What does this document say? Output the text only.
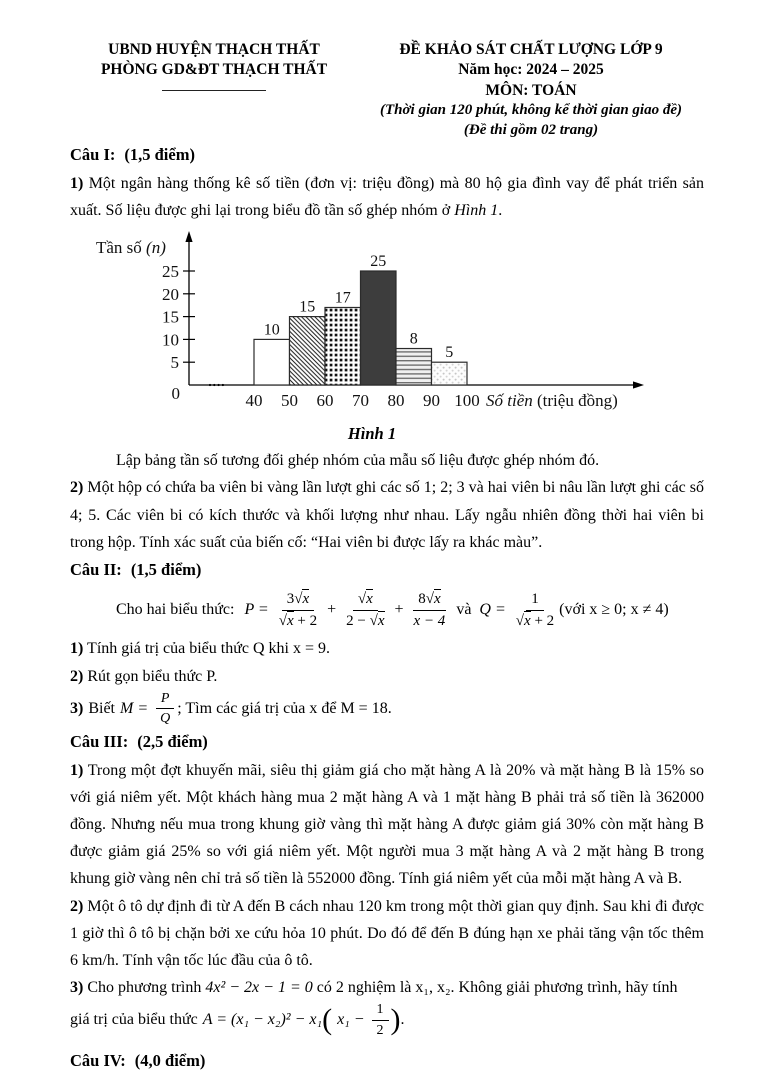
UBND HUYỆN THẠCH THẤT
PHÒNG GD&ĐT THẠCH THẤT
ĐỀ KHẢO SÁT CHẤT LƯỢNG LỚP 9
Năm học: 2024 – 2025
MÔN: TOÁN
(Thời gian 120 phút, không kể thời gian giao đề)
(Đề thi gồm 02 trang)

Câu I: (1,5 điểm)

1) Một ngân hàng thống kê số tiền (đơn vị: triệu đồng) mà 80 hộ gia đình vay để phát triển sản xuất. Số liệu được ghi lại trong biểu đồ tần số ghép nhóm ở Hình 1.

0
5
10
15
20
25
40 50 60 70 80 90 100
10
15
17
25
8
5
Tần số (n)
Số tiền (triệu đồng)
Hình 1

Lập bảng tần số tương đối ghép nhóm của mẫu số liệu được ghép nhóm đó.

2) Một hộp có chứa ba viên bi vàng lần lượt ghi các số 1; 2; 3 và hai viên bi nâu lần lượt ghi các số 4; 5. Các viên bi có kích thước và khối lượng như nhau. Lấy ngẫu nhiên đồng thời hai viên bi trong hộp. Tính xác suất của biến cố: “Hai viên bi được lấy ra khác màu”.

Câu II: (1,5 điểm)

Cho hai biểu thức: $P = \frac{3√x}{√x + 2} + \frac{√x}{2 - √x} + \frac{8√x}{x - 4}$ và $Q = \frac{1}{√x + 2}$ (với x ≥ 0; x ≠ 4)

1) Tính giá trị của biểu thức Q khi x = 9.

2) Rút gọn biểu thức P.

3) Biết $M = \frac{P}{Q}$ ; Tìm các giá trị của x để M = 18.

Câu III: (2,5 điểm)

1) Trong một đợt khuyến mãi, siêu thị giảm giá cho mặt hàng A là 20% và mặt hàng B là 15% so với giá niêm yết. Một khách hàng mua 2 mặt hàng A và 1 mặt hàng B phải trả số tiền là 362000 đồng. Nhưng nếu mua trong khung giờ vàng thì mặt hàng A được giảm giá 30% còn mặt hàng B được giảm giá 25% so với giá niêm yết. Một người mua 3 mặt hàng A và 2 mặt hàng B trong khung giờ vàng nên chỉ trả số tiền là 552000 đồng. Tính giá niêm yết của mỗi mặt hàng A và B.

2) Một ô tô dự định đi từ A đến B cách nhau 120 km trong một thời gian quy định. Sau khi đi được 1 giờ thì ô tô bị chặn bởi xe cứu hỏa 10 phút. Do đó để đến B đúng hạn xe phải tăng vận tốc thêm 6 km/h. Tính vận tốc lúc đầu của ô tô.

3) Cho phương trình 4x² − 2x − 1 = 0 có 2 nghiệm là x₁, x₂. Không giải phương trình, hãy tính

giá trị của biểu thức A = (x₁ − x₂)² − x₁ ( $x_1 - \frac{1}{2}$ ) .

Câu IV: (4,0 điểm)
